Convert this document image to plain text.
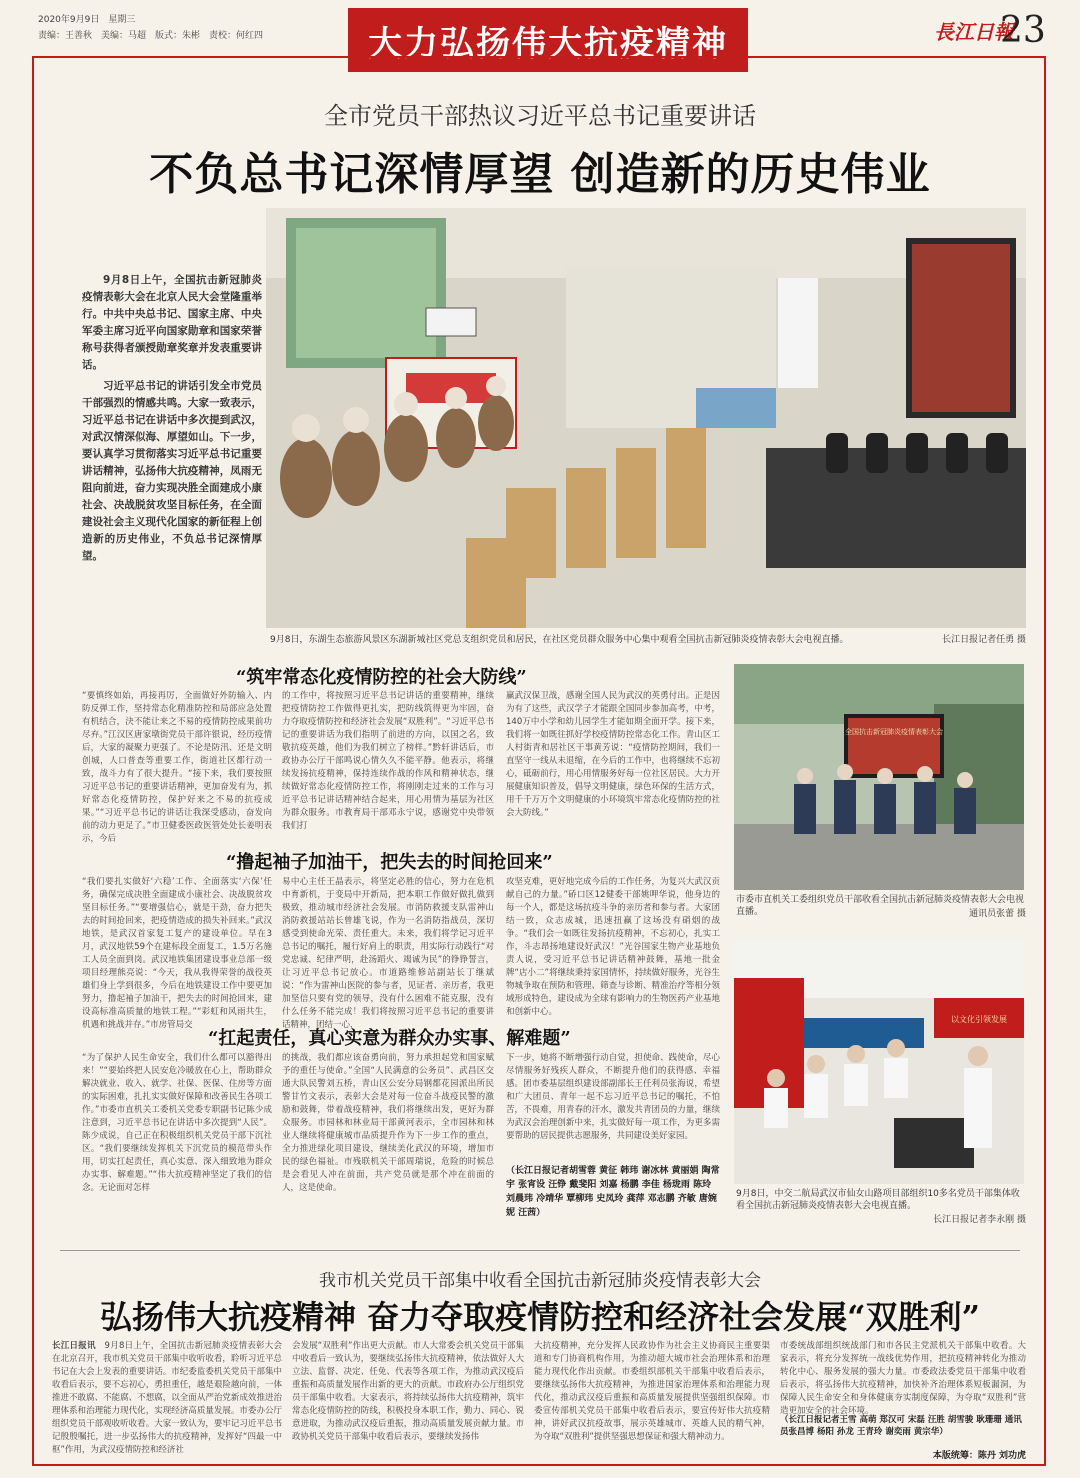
2020年9月9日　星期三
责编：王善秋　美编：马超　版式：朱彬　责校：何红四	大力弘扬伟大抗疫精神	長江日報
23
全市党员干部热议习近平总书记重要讲话
不负总书记深情厚望 创造新的历史伟业

9月8日上午，全国抗击新冠肺炎疫情表彰大会在北京人民大会堂隆重举行。中共中央总书记、国家主席、中央军委主席习近平向国家勋章和国家荣誉称号获得者颁授勋章奖章并发表重要讲话。

习近平总书记的讲话引发全市党员干部强烈的情感共鸣。大家一致表示，习近平总书记在讲话中多次提到武汉，对武汉情深似海、厚望如山。下一步，要认真学习贯彻落实习近平总书记重要讲话精神，弘扬伟大抗疫精神，凤雨无阻向前进，奋力实现决胜全面建成小康社会、决战脱贫攻坚目标任务，在全面建设社会主义现代化国家的新征程上创造新的历史伟业，不负总书记深情厚望。

9月8日，东湖生态旅游风景区东湖新城社区党总支组织党员和居民，在社区党员群众服务中心集中观看全国抗击新冠肺炎疫情表彰大会电视直播。	长江日报记者任勇 摄
“筑牢常态化疫情防控的社会大防线”
“要慎终如始，再接再厉，全面做好外防输入、内防反弹工作，坚持常态化精准防控和局部应急处置有机结合，決不能让来之不易的疫情防控成果前功尽弃。”江汉区唐家墩街党员干部许银说，经历疫情后，大家的凝聚力更强了。不论是防汛、还是文明创城，人口普查等重要工作，街道社区都行动一致，战斗力有了很大提升。“接下来，我们要按照习近平总书记的重要讲话精神，更加奋发有为，抓好常态化疫情防控，保护好来之不易的抗疫成果。”“习近平总书记的讲话让我深受感动，奋发向前的动力更足了。”市卫健委医政医管处处长姜明表示，今后
的工作中，将按照习近平总书记讲话的重要精神，继续把疫情防控工作做得更扎实，把防线筑得更为牢固，奋力夺取疫情防控和经济社会发展“双胜利”。“习近平总书记的重要讲话为我们指明了前进的方向，以国之名，致敬抗疫英雄，他们为我们树立了榜样。”黔轩讲话后，市政协办公厅干部鸣说心情久久不能平静。他表示，将继续发扬抗疫精神，保持连续作战的作风和精神状态，继续做好常态化疫情防控工作，将刚刚走过来的工作与习近平总书记讲话精神结合起来，用心用情为基层为社区为群众服务。市教育局干部邓永宁说，感谢党中央带领我们打
赢武汉保卫战，感谢全国人民为武汉的英勇付出。正是因为有了这些，武汉学子才能跟全国同步参加高考，中考，140万中小学和幼儿园学生才能如期全面开学。接下来，我们将一如既往抓好学校疫情防控常态化工作。青山区工人村街青和居社区干事黄芳说：“疫情防控期间，我们一直坚守一线从未退缩，在今后的工作中，也将继续不忘初心，砥砺前行，用心用情服务好每一位社区居民。大力开展健康知识普及，倡导文明健康，绿色环保的生活方式，用千千万万个文明健康的小环境筑牢常态化疫情防控的社会大防线。”
“撸起袖子加油干，把失去的时间抢回来”
“我们要扎实做好‘六稳’工作、全面落实‘六保’任务，确保完成决胜全面建成小康社会、决战脱贫攻坚目标任务。”“要增强信心，就是干劲，奋力把失去的时间抢回来，把疫情造成的损失补回来。”武汉地铁，是武汉首家复工复产的建设单位。早在3月，武汉地铁59个在建标段全面复工，1.5万名施工人员全面到岗。武汉地铁集团建设事业总部一级项目经理熊亮说：“今天，我从我得荣誉的战役英雄们身上学到很多，今后在地铁建设工作中要更加努力，撸起袖子加油干，把失去的时间抢回来，建设高标准高质量的地铁工程。”“彩虹和风雨共生，机遇和挑战并存。”市房管局交
易中心主任王晶表示，将坚定必胜的信心，努力在危机中育新机，于变局中开新局，把本职工作做好做扎做到极致，推动城市经济社会发展。市消防救援支队雷神山消防救援站站长曾雄飞说，作为一名消防指战员，深切感受到使命光荣、责任重大。未来，我们将学记习近平总书记的嘱托，履行好肩上的职责，用实际行动践行“对党忠诚、纪律严明，赴汤蹈火、竭诚为民”的铮铮誓言，让习近平总书记放心。市道路维修站副站长丁继斌说：“作为雷神山医院的参与者，见证者、亲历者，我更加坚信只要有党的领导，没有什么困难不能克服，没有什么任务不能完成！我们将按照习近平总书记的重要讲话精神，团结一心，
攻坚克难，更好地完成今后的工作任务，为复兴大武汉贡献自己的力量。”硚口区12健委干部姚呷华说，他身边的每一个人，都是这场抗疫斗争的亲历者和参与者。大家团结一致，众志成城，迅速扭赢了这场没有硝烟的战争。“我们会一如既往发扬抗疫精神，不忘初心，扎实工作，斗志昂扬地建设好武汉！”光谷国家生物产业基地负责人说，受习近平总书记讲话精神鼓舞，基地一批金牌“店小二”将继续秉持家国情怀，持续做好服务，光谷生物城争取在预防和管理、筛查与诊断、精准治疗等相分领域形成特色，建设成为全球有影响力的生物医药产业基地和创新中心。
“扛起责任，真心实意为群众办实事、解难题”
“为了保护人民生命安全，我们什么都可以豁得出来！”“要始终把人民安危冷暖放在心上，帮助群众解决就业、收入、就学、社保、医保、住房等方面的实际困难，扎扎实实做好保障和改善民生各项工作。”市委市直机关工委机关党委专职副书记陈少成注意到，习近平总书记在讲话中多次提到“人民”。陈少成说，自己正在积极组织机关党员干部下沉社区。“我们要继续发挥机关下沉党员的模范带头作用，切实扛起责任，真心实意、深入细致地为群众办实事、解难题。”“伟大抗疫精神坚定了我们的信念。无论面对怎样
的挑战，我们都应该奋勇向前，努力承担起党和国家赋予的重任与使命。”全国“人民满意的公务员”、武昌区交通大队民警刘五桥，青山区公安分局钢都花园派出所民警甘竹文表示，表彰大会是对每一位奋斗战疫民警的激励和鼓舞，带着战疫精神，我们将继续出发，更好为群众服务。市园林和林业局干部黄河表示，全市园林和林业人继续将健康城市品质提升作为下一步工作的重点，全力推进绿化项目建设，继续美化武汉的环境，增加市民的绿色福祉。市残联机关干部周瑞说，危险的时候总是会看见人冲在前面，共产党员就是那个冲在前面的人，这是使命。
下一步，她将不断增强行动自觉，担使命、践使命，尽心尽情服务好残疾人群众，不断提升他们的获得感、幸福感。团市委基层组织建设部副部长王任利员张海说，希望和广大团员、青年一起不忘习近平总书记的嘱托，不怕苦，不畏难，用青春的汗水，激发共青团员的力量，继续为武汉会治理创新中来，扎实做好每一项工作，为更多需要帮助的居民提供志愿服务，共同建设美好家园。
（长江日报记者胡雪蓉 黄征 韩玮 谢冰林 黄丽娟 陶常宇 张宵设 汪铮 戴斐阳 刘嘉 杨鹏 李佳 杨珑雨 陈玲 刘晨玮 冷靖华 覃柳玮 史凤玲 龚萍 邓志鹏 齐敏 唐婉妮 汪茜）
全国抗击新冠肺炎疫情表彰大会
市委市直机关工委组织党员干部收看全国抗击新冠肺炎疫情表彰大会电视直播。	通讯员张蕾 摄
以文化引领发展
9月8日，中交二航局武汉市仙女山路项目部组织10多名党员干部集体收看全国抗击新冠肺炎疫情表彰大会电视直播。
长江日报记者李永刚 摄
我市机关党员干部集中收看全国抗击新冠肺炎疫情表彰大会
弘扬伟大抗疫精神 奋力夺取疫情防控和经济社会发展“双胜利”
长江日报讯　 9月8日上午，全国抗击新冠肺炎疫情表彰大会在北京召开，我市机关党员干部集中收听收看，聆听习近平总书记在大会上发表的重要讲话。市纪委监委机关党员干部集中收看后表示，要不忘初心，勇担重任，越是艰险越向前，一体推进不敢腐、不能腐、不想腐，以全面从严治党新成效推进治理体系和治理能力现代化，实现经济高质量发展。市委办公厅组织党员干部观收听收看。大家一致认为，要牢记习近平总书记殷殷嘱托，进一步弘扬伟大的抗疫精神，发挥好“四最一中枢”作用，为武汉疫情防控和经济社
会发展“双胜利”作出更大贡献。市人大常委会机关党员干部集中收看后一致认为，要继续弘扬伟大抗疫精神，依法做好人大立法、监督、决定、任免、代表等各项工作，为推动武汉疫后重振和高质量发展作出新的更大的贡献。市政府办公厅组织党员干部集中收看。大家表示，将持续弘扬伟大抗疫精神，筑牢常态化疫情防控的防线，积极投身本职工作，勤力、同心、锐意进取，为推动武汉疫后重振，推动高质量发展贡献力量。市政协机关党员干部集中收看后表示，要继续发扬伟
大抗疫精神，充分发挥人民政协作为社会主义协商民主重要渠道和专门协商机构作用，为推动超大城市社会治理体系和治理能力现代化作出贡献。市委组织部机关干部集中收看后表示，要继续弘扬伟大抗疫精神，为推进国家治理体系和治理能力现代化，推动武汉疫后重振和高质量发展提供坚强组织保障。市委宣传部机关党员干部集中收看后表示，要宣传好伟大抗疫精神，讲好武汉抗疫故事，展示英雄城市、英雄人民的精气神，为夺取“双胜利”提供坚强思想保证和强大精神动力。
市委统战部组织统战部门和市各民主党派机关干部集中收看。大家表示，将充分发挥统一战线优势作用，把抗疫精神转化为推动转化中心、服务发展的强大力量。市委政法委党员干部集中收看后表示，将弘扬伟大抗疫精神，加快补齐治理体系短板漏洞，为保障人民生命安全和身体健康夯实制度保障，为夺取“双胜利”营造更加安全的社会环境。
（长江日报记者王雪 高萌 郑汉可 宋磊 汪胜 胡雪骏 耿珊珊 通讯员张昌博 杨阳 孙龙 王青玲 谢奕雨 黄宗华）
本版统筹：陈丹 刘功虎
